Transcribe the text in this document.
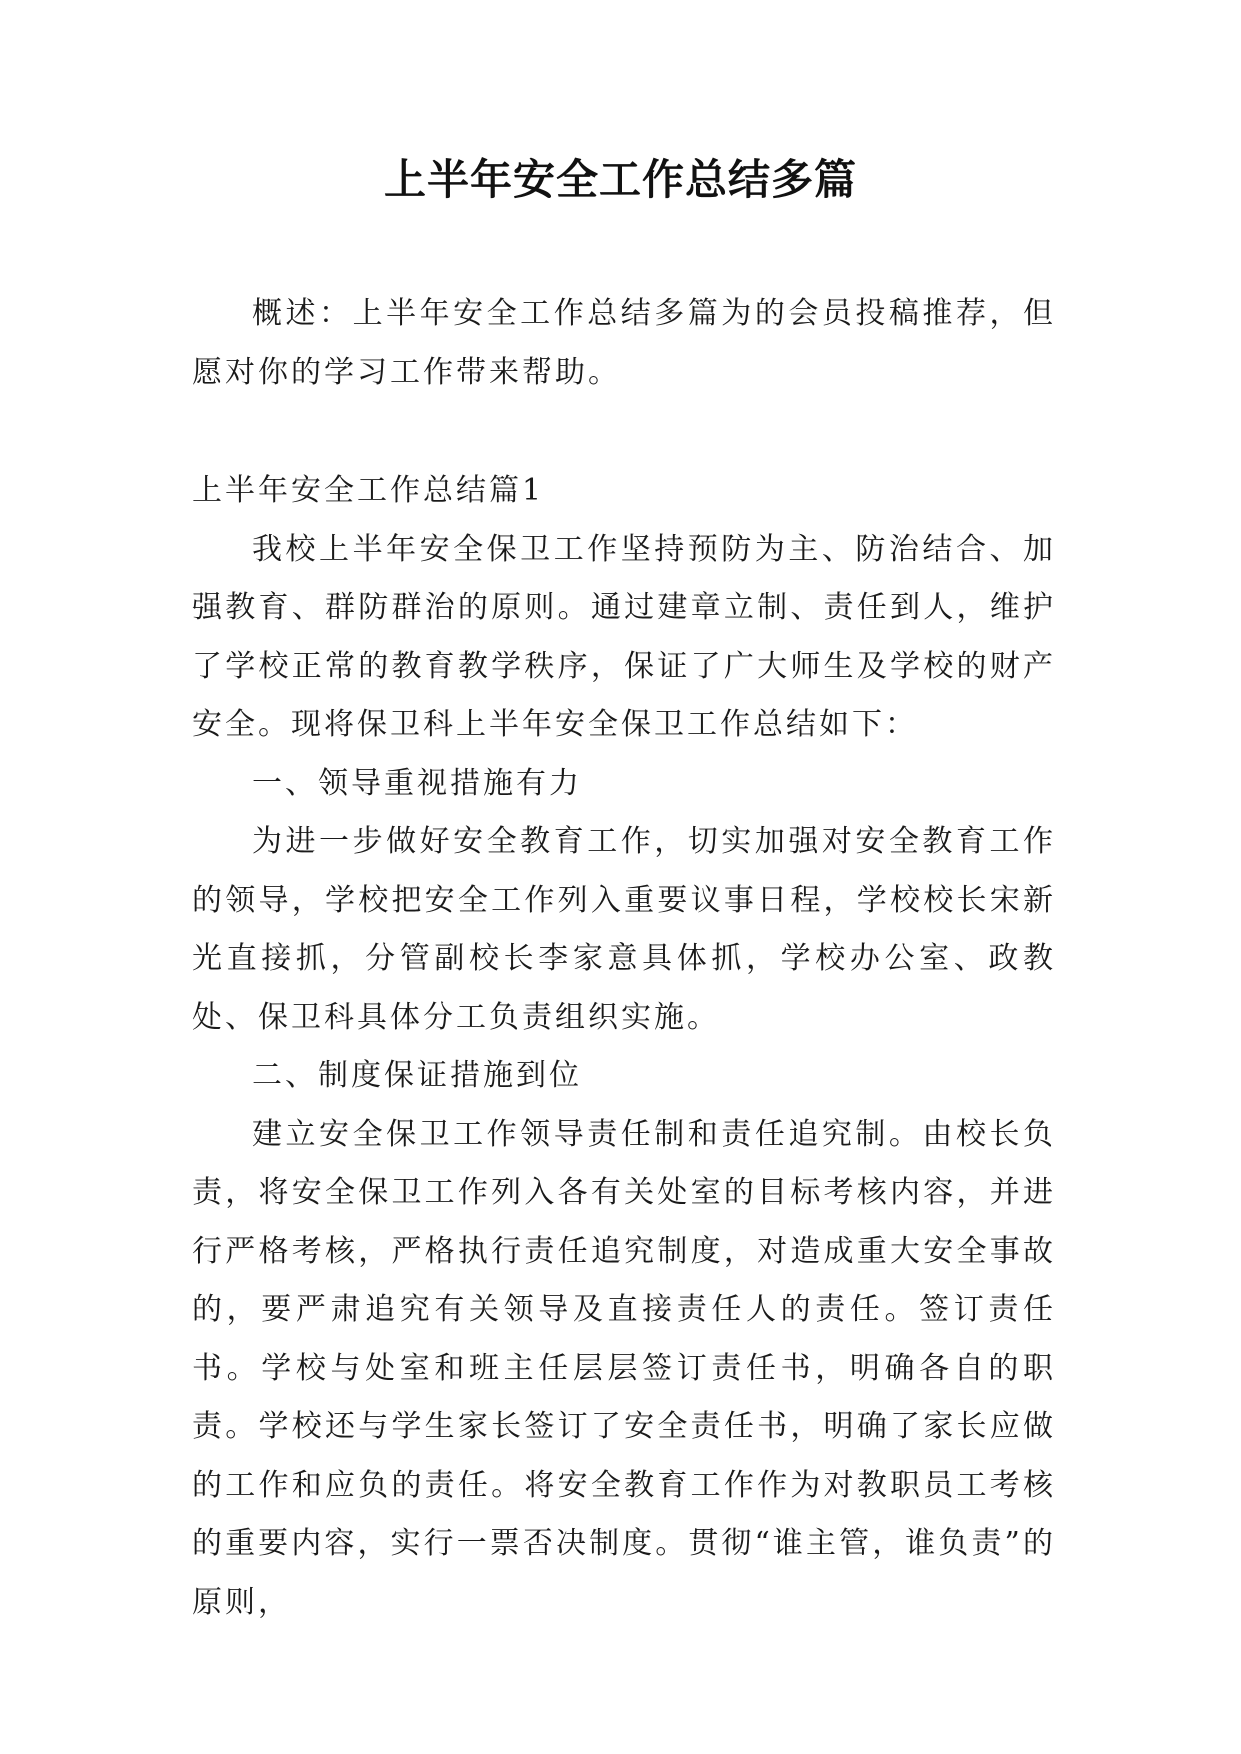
上半年安全工作总结多篇

概述：上半年安全工作总结多篇为的会员投稿推荐，但愿对你的学习工作带来帮助。

上半年安全工作总结篇1

我校上半年安全保卫工作坚持预防为主、防治结合、加强教育、群防群治的原则。通过建章立制、责任到人，维护了学校正常的教育教学秩序，保证了广大师生及学校的财产安全。现将保卫科上半年安全保卫工作总结如下：

一、领导重视措施有力

为进一步做好安全教育工作，切实加强对安全教育工作的领导，学校把安全工作列入重要议事日程，学校校长宋新光直接抓，分管副校长李家意具体抓，学校办公室、政教处、保卫科具体分工负责组织实施。

二、制度保证措施到位

建立安全保卫工作领导责任制和责任追究制。由校长负责，将安全保卫工作列入各有关处室的目标考核内容，并进行严格考核，严格执行责任追究制度，对造成重大安全事故的，要严肃追究有关领导及直接责任人的责任。签订责任书。学校与处室和班主任层层签订责任书，明确各自的职责。学校还与学生家长签订了安全责任书，明确了家长应做的工作和应负的责任。将安全教育工作作为对教职员工考核的重要内容，实行一票否决制度。贯彻“谁主管，谁负责”的原则，
